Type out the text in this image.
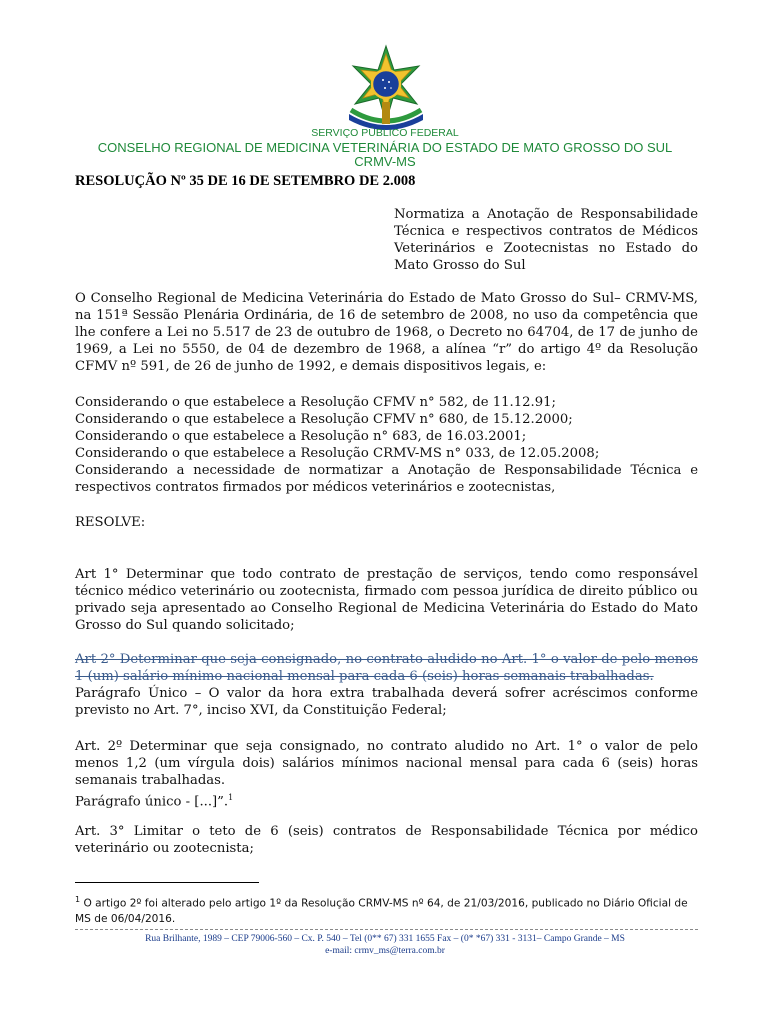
SERVIÇO PÚBLICO FEDERAL
CONSELHO REGIONAL DE MEDICINA VETERINÁRIA DO ESTADO DE MATO GROSSO DO SUL
CRMV-MS
RESOLUÇÃO Nº 35 DE 16 DE SETEMBRO DE 2.008
Normatiza a Anotação de Responsabilidade Técnica e respectivos contratos de Médicos Veterinários e Zootecnistas no Estado do Mato Grosso do Sul
O Conselho Regional de Medicina Veterinária do Estado de Mato Grosso do Sul– CRMV-MS, na 151ª Sessão Plenária Ordinária, de 16 de setembro de 2008, no uso da competência que lhe confere a Lei no 5.517 de 23 de outubro de 1968, o Decreto no 64704, de 17 de junho de 1969, a Lei no 5550, de 04 de dezembro de 1968, a alínea “r” do artigo 4º da Resolução CFMV nº 591, de 26 de junho de 1992, e demais dispositivos legais, e:

Considerando o que estabelece a Resolução CFMV n° 582, de 11.12.91;

Considerando o que estabelece a Resolução CFMV n° 680, de 15.12.2000;

Considerando o que estabelece a Resolução n° 683, de 16.03.2001;

Considerando o que estabelece a Resolução CRMV-MS n° 033, de 12.05.2008;

Considerando a necessidade de normatizar a Anotação de Responsabilidade Técnica e respectivos contratos firmados por médicos veterinários e zootecnistas,

RESOLVE:
Art 1° Determinar que todo contrato de prestação de serviços, tendo como responsável técnico médico veterinário ou zootecnista, firmado com pessoa jurídica de direito público ou privado seja apresentado ao Conselho Regional de Medicina Veterinária do Estado do Mato Grosso do Sul quando solicitado;

Art 2° Determinar que seja consignado, no contrato aludido no Art. 1° o valor de pelo menos 1 (um) salário mínimo nacional mensal para cada 6 (seis) horas semanais trabalhadas.

Parágrafo Único – O valor da hora extra trabalhada deverá sofrer acréscimos conforme previsto no Art. 7°, inciso XVI, da Constituição Federal;

Art. 2º Determinar que seja consignado, no contrato aludido no Art. 1° o valor de pelo menos 1,2 (um vírgula dois) salários mínimos nacional mensal para cada 6 (seis) horas semanais trabalhadas.

Parágrafo único - [...]”.$^1$

Art. 3° Limitar o teto de 6 (seis) contratos de Responsabilidade Técnica por médico veterinário ou zootecnista;
$^1$ O artigo 2º foi alterado pelo artigo 1º da Resolução CRMV-MS nº 64, de 21/03/2016, publicado no Diário Oficial de MS de 06/04/2016.
Rua Brilhante, 1989 – CEP 79006-560 – Cx. P. 540 – Tel (0** 67) 331 1655 Fax – (0* *67) 331 - 3131– Campo Grande – MS
e-mail: crmv_ms@terra.com.br
